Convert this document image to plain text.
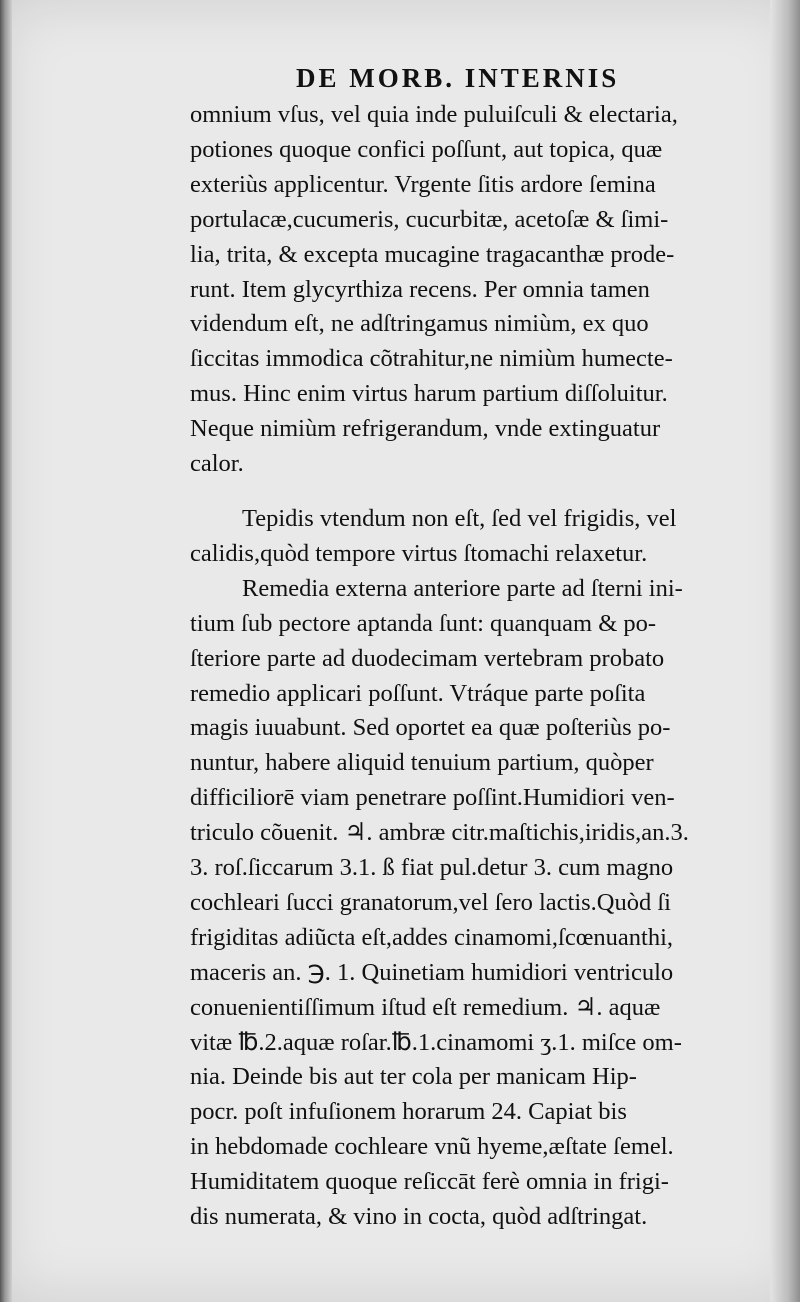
DE MORB. INTERNIS
omnium vſus, vel quia inde puluiſculi & electaria,
potiones quoque confici poſſunt, aut topica, quæ
exteriùs applicentur. Vrgente ſitis ardore ſemina
portulacæ,cucumeris, cucurbitæ, acetoſæ & ſimi-
lia, trita, & excepta mucagine tragacanthæ prode-
runt. Item glycyrthiza recens. Per omnia tamen
videndum eſt, ne adſtringamus nimiùm, ex quo
ſiccitas immodica cõtrahitur,ne nimiùm humecte-
mus. Hinc enim virtus harum partium diſſoluitur.
Neque nimiùm refrigerandum, vnde extinguatur
calor.
Tepidis vtendum non eſt, ſed vel frigidis, vel
calidis,quòd tempore virtus ſtomachi relaxetur.
Remedia externa anteriore parte ad ſterni ini-
tium ſub pectore aptanda ſunt: quanquam & po-
ſteriore parte ad duodecimam vertebram probato
remedio applicari poſſunt. Vtráque parte poſita
magis iuuabunt. Sed oportet ea quæ poſteriùs po-
nuntur, habere aliquid tenuium partium, quòper
difficiliorē viam penetrare poſſint.Humidiori ven-
triculo cõuenit. ♃. ambræ citr.maſtichis,iridis,an.3.
3. roſ.ſiccarum 3.1. ß fiat pul.detur 3. cum magno
cochleari ſucci granatorum,vel ſero lactis.Quòd ſi
frigiditas adiũcta eſt,addes cinamomi,ſcœnuanthi,
maceris an. ℈. 1. Quinetiam humidiori ventriculo
conuenientiſſimum iſtud eſt remedium. ♃. aquæ
vitæ ℔.2.aquæ roſar.℔.1.cinamomi ʒ.1. miſce om-
nia. Deinde bis aut ter cola per manicam Hip-
pocr. poſt infuſionem horarum 24. Capiat bis
in hebdomade cochleare vnũ hyeme,æſtate ſemel.
Humiditatem quoque reſiccāt ferè omnia in frigi-
dis numerata, & vino in cocta, quòd adſtringat.
